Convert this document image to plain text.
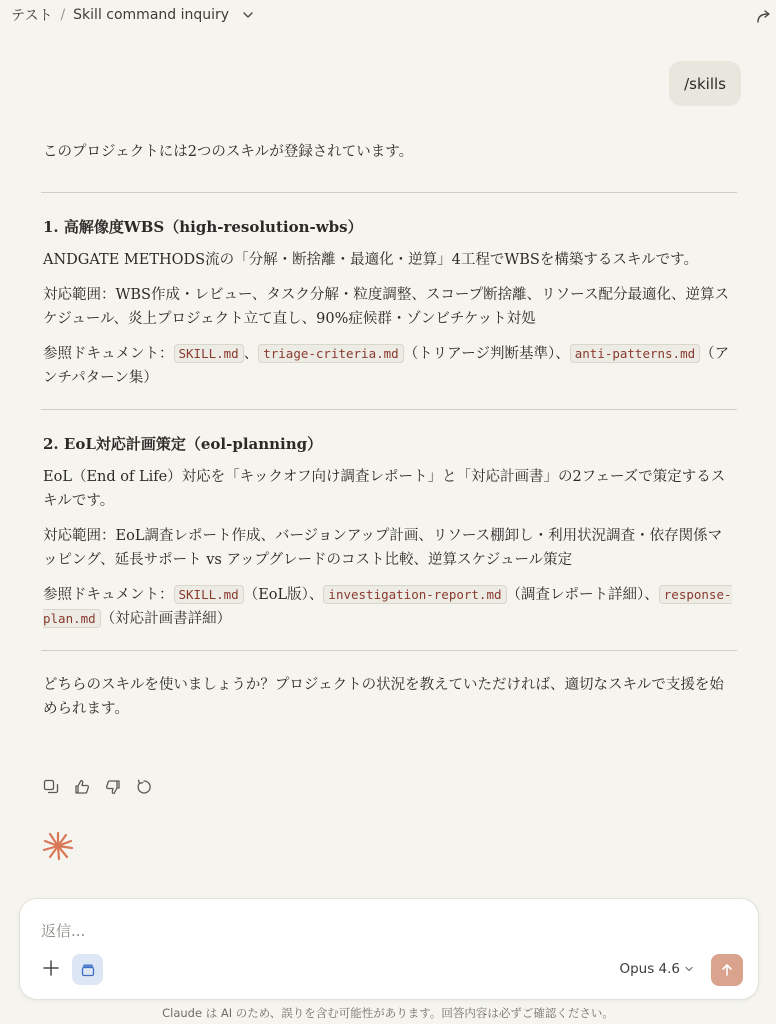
テスト / Skill command inquiry
/skills

このプロジェクトには2つのスキルが登録されています。

1. 高解像度WBS（high-resolution-wbs）

ANDGATE METHODS流の「分解・断捨離・最適化・逆算」4工程でWBSを構築するスキルです。

対応範囲：WBS作成・レビュー、タスク分解・粒度調整、スコープ断捨離、リソース配分最適化、逆算スケジュール、炎上プロジェクト立て直し、90%症候群・ゾンビチケット対処

参照ドキュメント： SKILL.md 、 triage-criteria.md （トリアージ判断基準）、 anti-patterns.md （アンチパターン集）

2. EoL対応計画策定（eol-planning）

EoL（End of Life）対応を「キックオフ向け調査レポート」と「対応計画書」の2フェーズで策定するスキルです。

対応範囲：EoL調査レポート作成、バージョンアップ計画、リソース棚卸し・利用状況調査・依存関係マッピング、延長サポート vs アップグレードのコスト比較、逆算スケジュール策定

参照ドキュメント： SKILL.md （EoL版）、 investigation-report.md （調査レポート詳細）、 response-plan.md （対応計画書詳細）

どちらのスキルを使いましょうか？プロジェクトの状況を教えていただければ、適切なスキルで支援を始められます。

返信...
Opus 4.6
Claude は AI のため、誤りを含む可能性があります。回答内容は必ずご確認ください。
